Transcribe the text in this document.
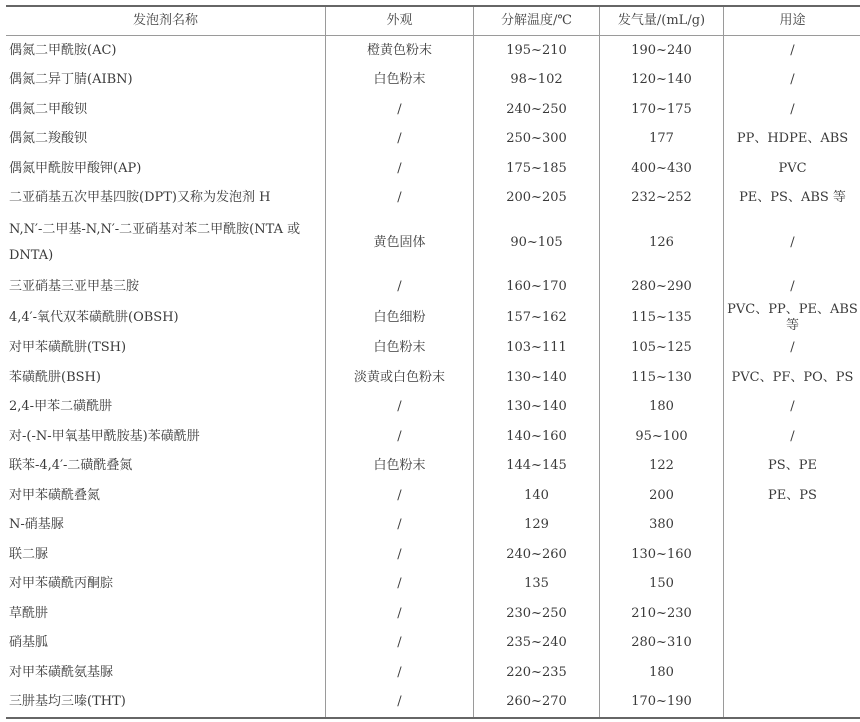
发泡剂名称	外观	分解温度/℃	发气量/(mL/g)	用途
偶氮二甲酰胺(AC)	橙黄色粉末	195~210	190~240	/
偶氮二异丁腈(AIBN)	白色粉末	98~102	120~140	/
偶氮二甲酸钡	/	240~250	170~175	/
偶氮二羧酸钡	/	250~300	177	PP、HDPE、ABS
偶氮甲酰胺甲酸钾(AP)	/	175~185	400~430	PVC
二亚硝基五次甲基四胺(DPT)又称为发泡剂 H	/	200~205	232~252	PE、PS、ABS 等
N,N′-二甲基-N,N′-二亚硝基对苯二甲酰胺(NTA 或 DNTA)	黄色固体	90~105	126	/
三亚硝基三亚甲基三胺	/	160~170	280~290	/
4,4′-氧代双苯磺酰肼(OBSH)	白色细粉	157~162	115~135	PVC、PP、PE、ABS 等
对甲苯磺酰肼(TSH)	白色粉末	103~111	105~125	/
苯磺酰肼(BSH)	淡黄或白色粉末	130~140	115~130	PVC、PF、PO、PS
2,4-甲苯二磺酰肼	/	130~140	180	/
对-(-N-甲氧基甲酰胺基)苯磺酰肼	/	140~160	95~100	/
联苯-4,4′-二磺酰叠氮	白色粉末	144~145	122	PS、PE
对甲苯磺酰叠氮	/	140	200	PE、PS
N-硝基脲	/	129	380	
联二脲	/	240~260	130~160	
对甲苯磺酰丙酮腙	/	135	150	
草酰肼	/	230~250	210~230	
硝基胍	/	235~240	280~310	
对甲苯磺酰氨基脲	/	220~235	180	
三肼基均三嗪(THT)	/	260~270	170~190	
